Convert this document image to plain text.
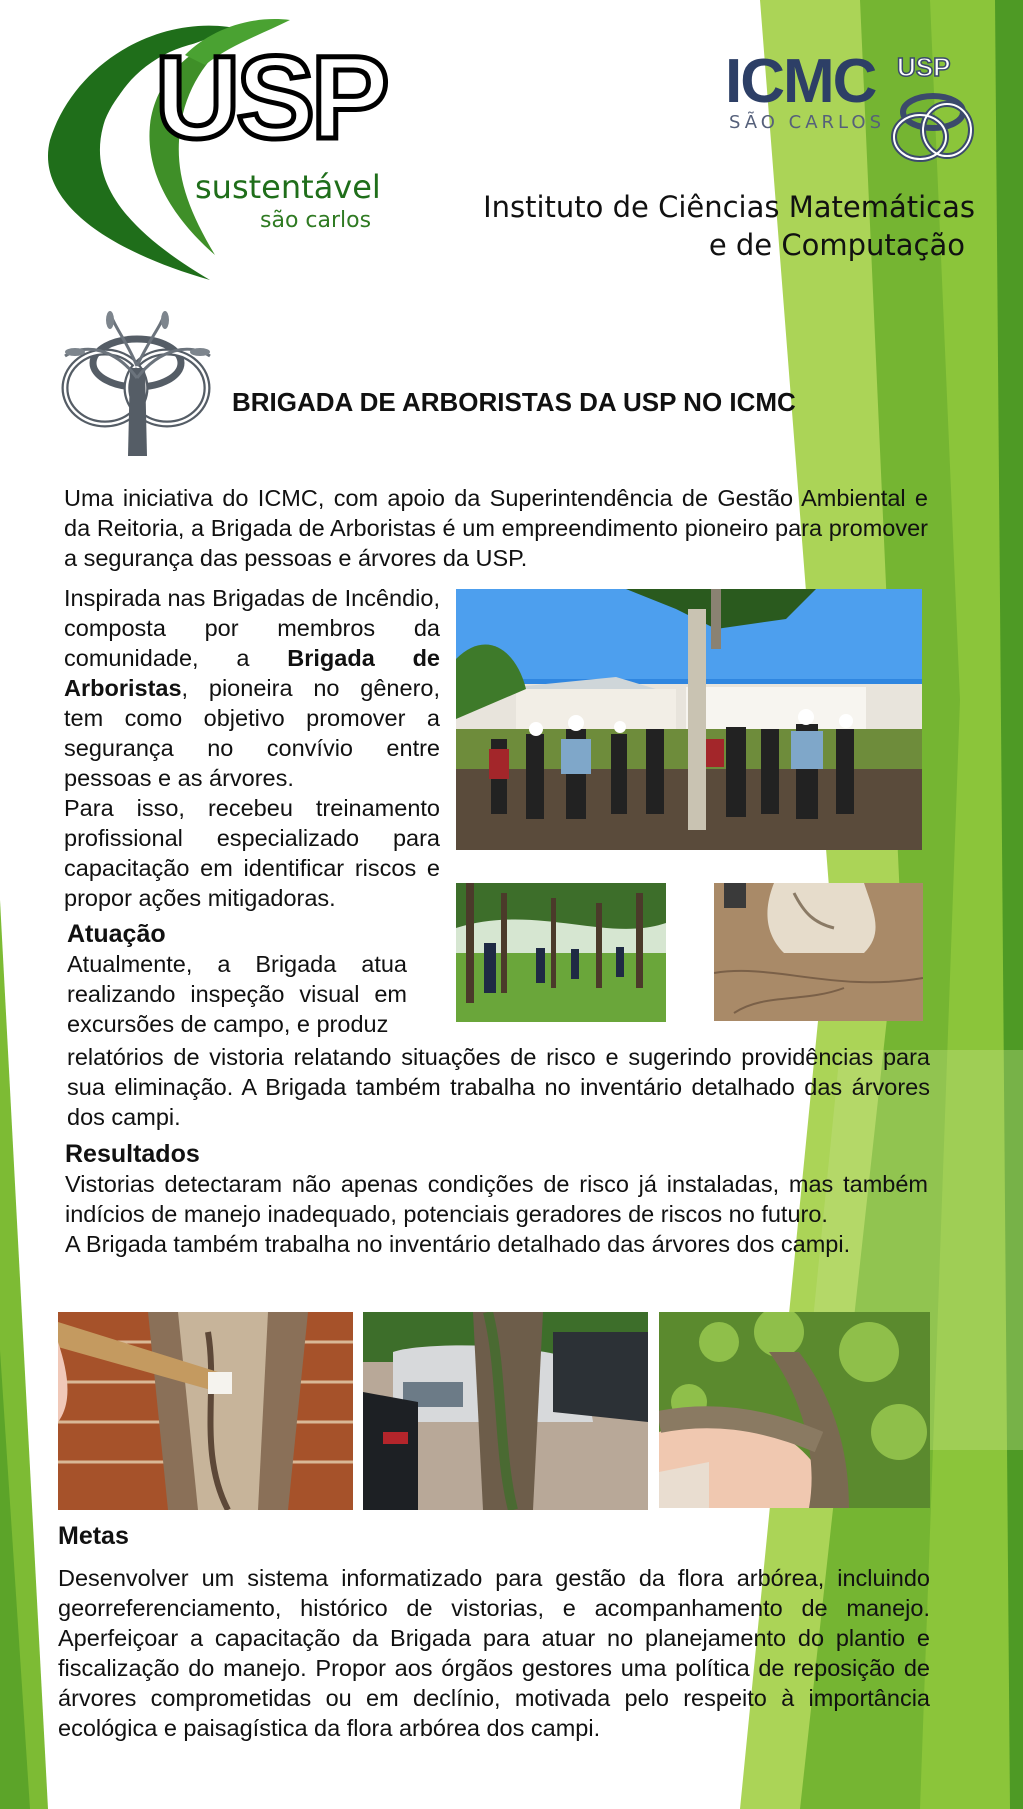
USP
sustentável
são carlos
ICMC USP
SÃO CARLOS
Instituto de Ciências Matemáticas
e de Computação
BRIGADA DE ARBORISTAS DA USP NO ICMC

Uma iniciativa do ICMC, com apoio da Superintendência de Gestão Ambiental e da Reitoria, a Brigada de Arboristas é um empreendimento pioneiro para promover a segurança das pessoas e árvores da USP.

Inspirada nas Brigadas de Incêndio, composta por membros da comunidade, a Brigada de Arboristas, pioneira no gênero, tem como objetivo promover a segurança no convívio entre pessoas e as árvores.

Para isso, recebeu treinamento profissional especializado para capacitação em identificar riscos e propor ações mitigadoras.

Atuação

Atualmente, a Brigada atua realizando inspeção visual em excursões de campo, e produz

relatórios de vistoria relatando situações de risco e sugerindo providências para sua eliminação. A Brigada também trabalha no inventário detalhado das árvores dos campi.

Resultados

Vistorias detectaram não apenas condições de risco já instaladas, mas também indícios de manejo inadequado, potenciais geradores de riscos no futuro.

A Brigada também trabalha no inventário detalhado das árvores dos campi.

Metas

Desenvolver um sistema informatizado para gestão da flora arbórea, incluindo georreferenciamento, histórico de vistorias, e acompanhamento de manejo. Aperfeiçoar a capacitação da Brigada para atuar no planejamento do plantio e fiscalização do manejo. Propor aos órgãos gestores uma política de reposição de árvores comprometidas ou em declínio, motivada pelo respeito à importância ecológica e paisagística da flora arbórea dos campi.
